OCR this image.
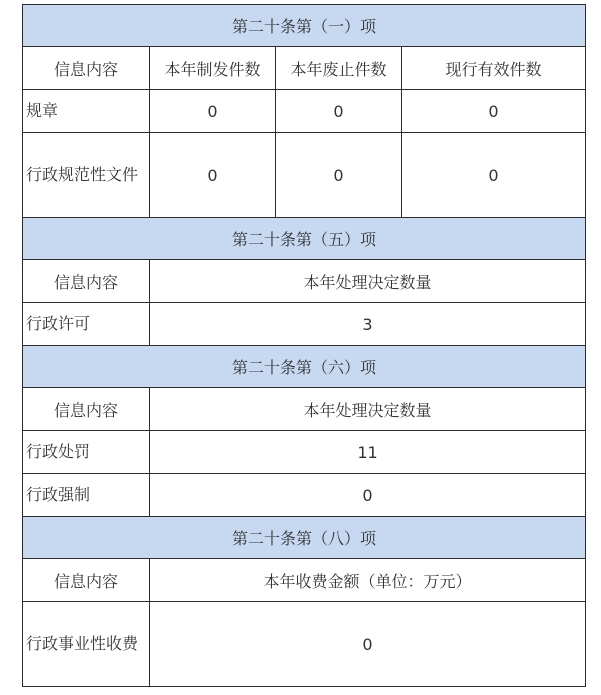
第二十条第（一）项			
信息内容	本年制发件数	本年废止件数	现行有效件数
规章	0	0	0
行政规范性文件	0	0	0
第二十条第（五）项			
信息内容	本年处理决定数量		
行政许可	3		
第二十条第（六）项			
信息内容	本年处理决定数量		
行政处罚	11		
行政强制	0		
第二十条第（八）项			
信息内容	本年收费金额（单位：万元）		
行政事业性收费	0		
